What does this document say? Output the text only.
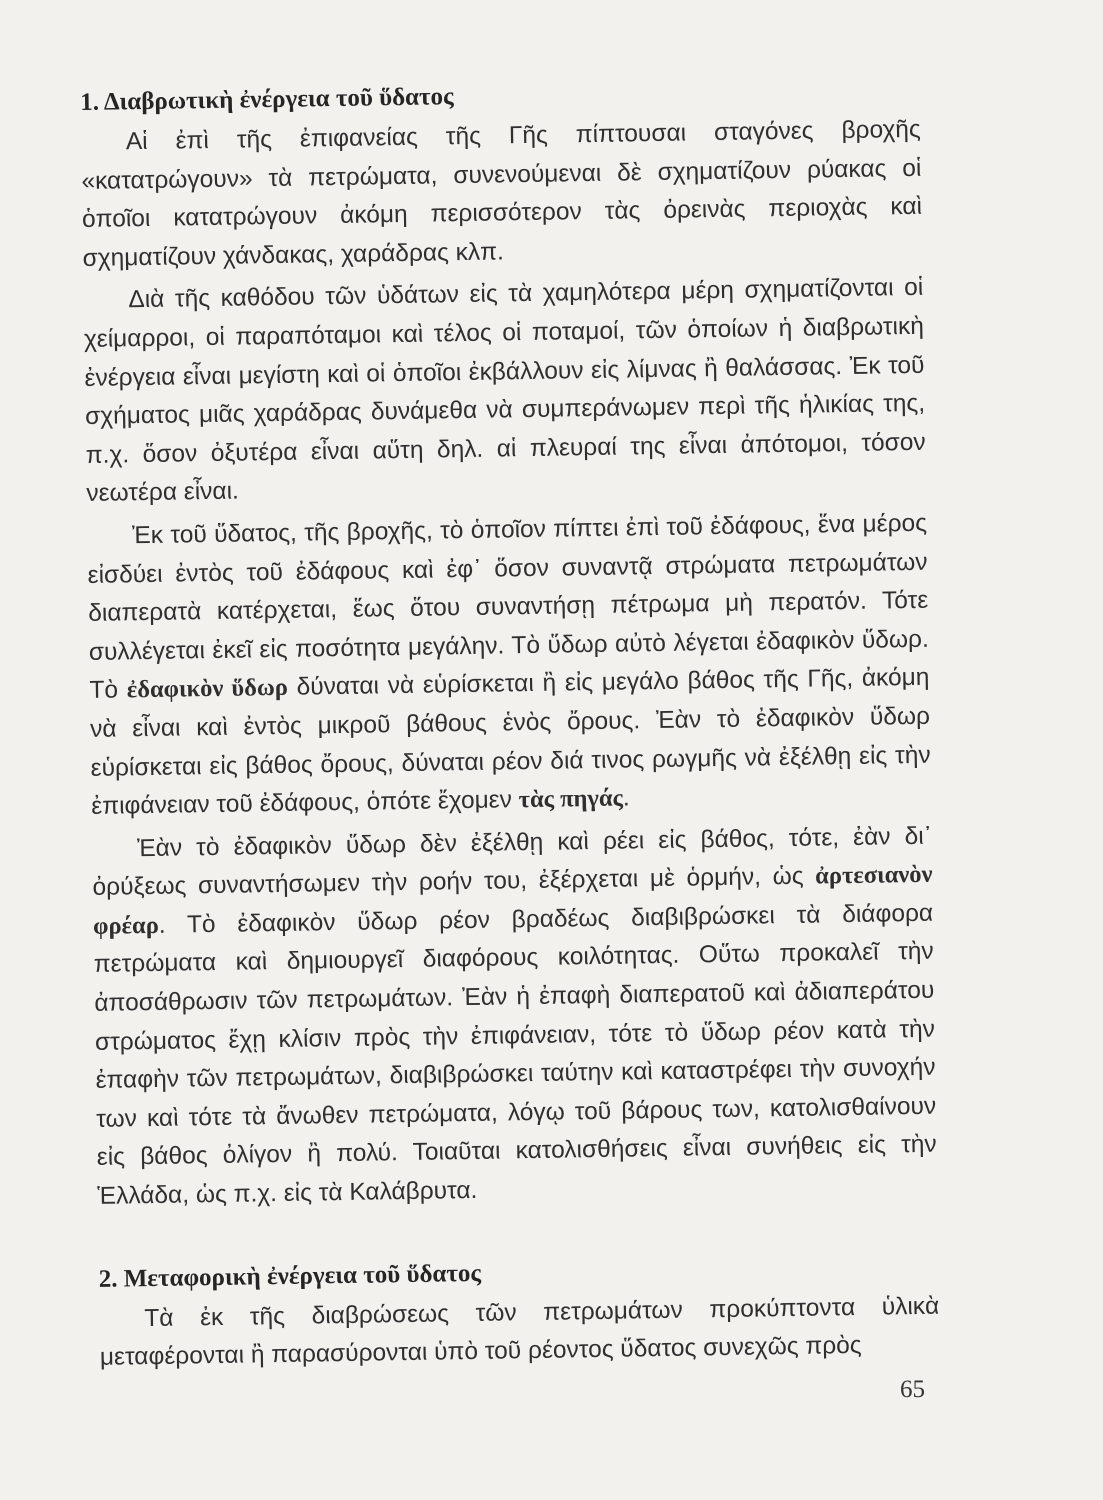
1. Διαβρωτικὴ ἐνέργεια τοῦ ὕδατος

Αἱ ἐπὶ τῆς ἐπιφανείας τῆς Γῆς πίπτουσαι σταγόνες βροχῆς «κατατρώγουν» τὰ πετρώματα, συνενούμεναι δὲ σχηματίζουν ρύακας οἱ ὁποῖοι κατατρώγουν ἀκόμη περισσότερον τὰς ὀρεινὰς περιοχὰς καὶ σχηματίζουν χάνδακας, χαράδρας κλπ.

Διὰ τῆς καθόδου τῶν ὑδάτων εἰς τὰ χαμηλότερα μέρη σχηματίζονται οἱ χείμαρροι, οἱ παραπόταμοι καὶ τέλος οἱ ποταμοί, τῶν ὁποίων ἡ διαβρωτικὴ ἐνέργεια εἶναι μεγίστη καὶ οἱ ὁποῖοι ἐκβάλλουν εἰς λίμνας ἢ θαλάσσας. Ἐκ τοῦ σχήματος μιᾶς χαράδρας δυνάμεθα νὰ συμπεράνωμεν περὶ τῆς ἡλικίας της, π.χ. ὅσον ὀξυτέρα εἶναι αὕτη δηλ. αἱ πλευραί της εἶναι ἀπότομοι, τόσον νεωτέρα εἶναι.

Ἐκ τοῦ ὕδατος, τῆς βροχῆς, τὸ ὁποῖον πίπτει ἐπὶ τοῦ ἐδάφους, ἕνα μέρος εἰσδύει ἐντὸς τοῦ ἐδάφους καὶ ἐφ᾽ ὅσον συναντᾷ στρώματα πετρωμάτων διαπερατὰ κατέρχεται, ἕως ὅτου συναντήσῃ πέτρωμα μὴ περατόν. Τότε συλλέγεται ἐκεῖ εἰς ποσότητα μεγάλην. Τὸ ὕδωρ αὐτὸ λέγεται ἐδαφικὸν ὕδωρ. Τὸ ἐδαφικὸν ὕδωρ δύναται νὰ εὑρίσκεται ἢ εἰς μεγάλο βάθος τῆς Γῆς, ἀκόμη νὰ εἶναι καὶ ἐντὸς μικροῦ βάθους ἑνὸς ὄρους. Ἐὰν τὸ ἐδαφικὸν ὕδωρ εὑρίσκεται εἰς βάθος ὄρους, δύναται ρέον διά τινος ρωγμῆς νὰ ἐξέλθῃ εἰς τὴν ἐπιφάνειαν τοῦ ἐδάφους, ὁπότε ἔχομεν τὰς πηγάς.

Ἐὰν τὸ ἐδαφικὸν ὕδωρ δὲν ἐξέλθῃ καὶ ρέει εἰς βάθος, τότε, ἐὰν δι᾽ ὀρύξεως συναντήσωμεν τὴν ροήν του, ἐξέρχεται μὲ ὁρμήν, ὡς ἀρτεσιανὸν φρέαρ. Τὸ ἐδαφικὸν ὕδωρ ρέον βραδέως διαβιβρώσκει τὰ διάφορα πετρώματα καὶ δημιουργεῖ διαφόρους κοιλότητας. Οὕτω προκαλεῖ τὴν ἀποσάθρωσιν τῶν πετρωμάτων. Ἐὰν ἡ ἐπαφὴ διαπερατοῦ καὶ ἀδιαπεράτου στρώματος ἔχῃ κλίσιν πρὸς τὴν ἐπιφάνειαν, τότε τὸ ὕδωρ ρέον κατὰ τὴν ἐπαφὴν τῶν πετρωμάτων, διαβιβρώσκει ταύτην καὶ καταστρέφει τὴν συνοχήν των καὶ τότε τὰ ἄνωθεν πετρώματα, λόγῳ τοῦ βάρους των, κατολισθαίνουν εἰς βάθος ὀλίγον ἢ πολύ. Τοιαῦται κατολισθήσεις εἶναι συνήθεις εἰς τὴν Ἑλλάδα, ὡς π.χ. εἰς τὰ Καλάβρυτα.

2. Μεταφορικὴ ἐνέργεια τοῦ ὕδατος

Τὰ ἐκ τῆς διαβρώσεως τῶν πετρωμάτων προκύπτοντα ὑλικὰ μεταφέρονται ἢ παρασύρονται ὑπὸ τοῦ ρέοντος ὕδατος συνεχῶς πρὸς

65
